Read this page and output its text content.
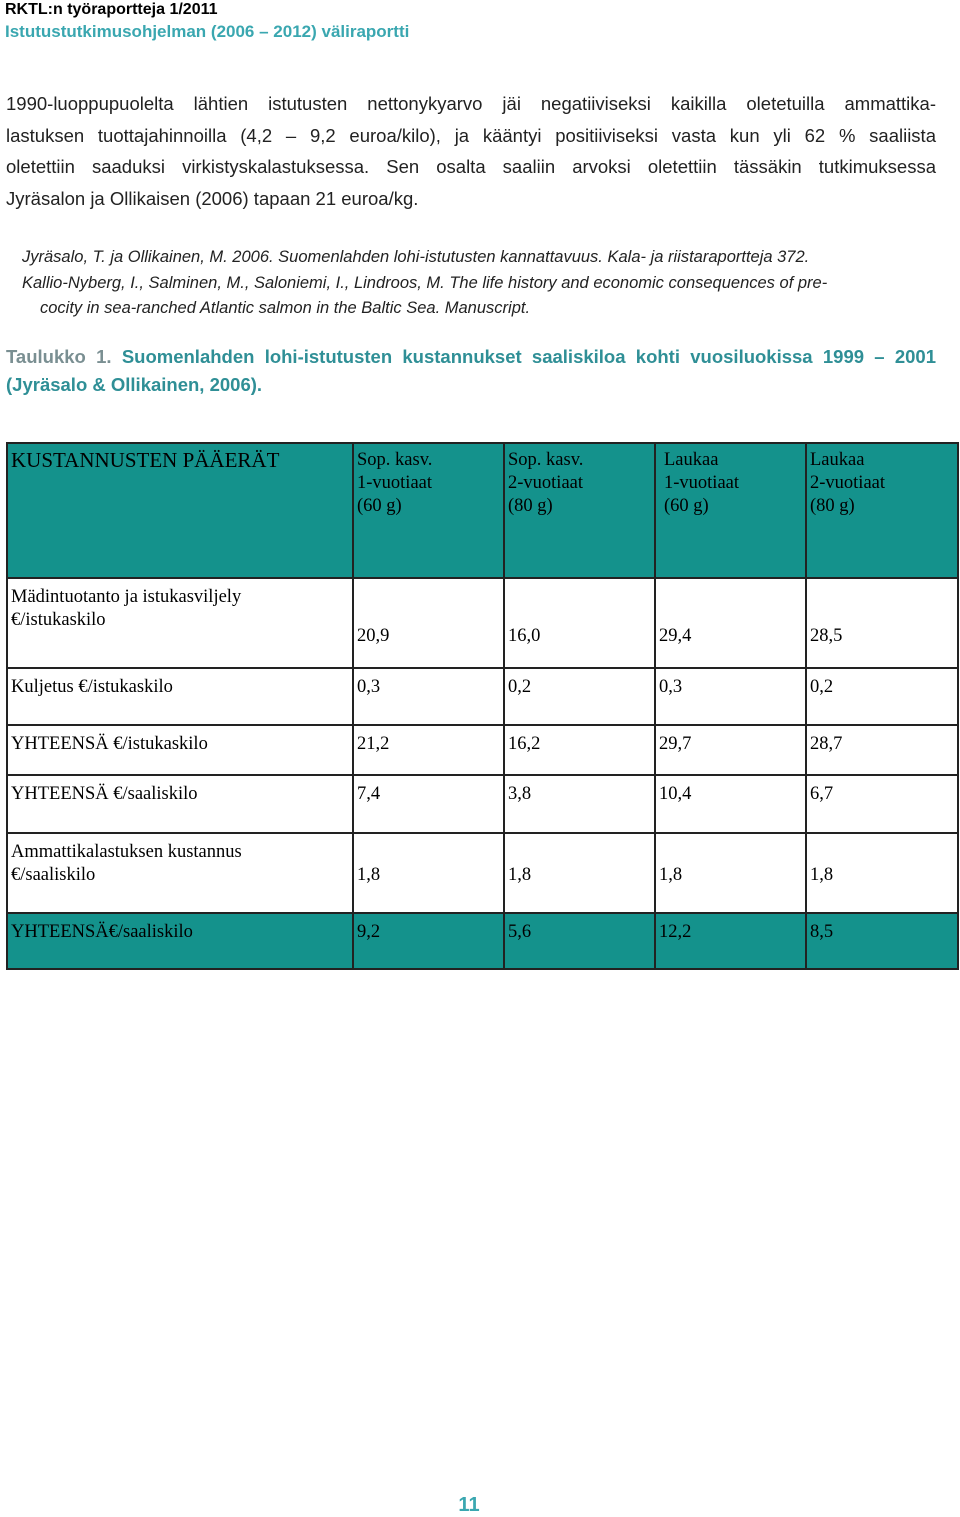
RKTL:n työraportteja 1/2011
Istutustutkimusohjelman (2006 – 2012) väliraportti
1990-luoppupuolelta lähtien istutusten nettonykyarvo jäi negatiiviseksi kaikilla oletetuilla ammattika-
lastuksen tuottajahinnoilla (4,2 – 9,2 euroa/kilo), ja kääntyi positiiviseksi vasta kun yli 62 % saaliista
oletettiin saaduksi virkistyskalastuksessa. Sen osalta saaliin arvoksi oletettiin tässäkin tutkimuksessa
Jyräsalon ja Ollikaisen (2006) tapaan 21 euroa/kg.
Jyräsalo, T. ja Ollikainen, M. 2006. Suomenlahden lohi-istutusten kannattavuus. Kala- ja riistaraportteja 372.
Kallio-Nyberg, I., Salminen, M., Saloniemi, I., Lindroos, M. The life history and economic consequences of pre-
cocity in sea-ranched Atlantic salmon in the Baltic Sea. Manuscript.
Taulukko 1. Suomenlahden lohi-istutusten kustannukset saaliskiloa kohti vuosiluokissa 1999 – 2001
(Jyräsalo & Ollikainen, 2006).
KUSTANNUSTEN PÄÄERÄT	Sop. kasv.
1-vuotiaat
(60 g)	Sop. kasv.
2-vuotiaat
(80 g)	Laukaa
1-vuotiaat
(60 g)	Laukaa
2-vuotiaat
(80 g)

Mädintuotanto ja istukasviljely
€/istukaskilo	20,9	16,0	29,4	28,5
Kuljetus €/istukaskilo	0,3	0,2	0,3	0,2
YHTEENSÄ €/istukaskilo	21,2	16,2	29,7	28,7
YHTEENSÄ €/saaliskilo	7,4	3,8	10,4	6,7

Ammattikalastuksen kustannus
€/saaliskilo	1,8	1,8	1,8	1,8
YHTEENSÄ€/saaliskilo	9,2	5,6	12,2	8,5
11
